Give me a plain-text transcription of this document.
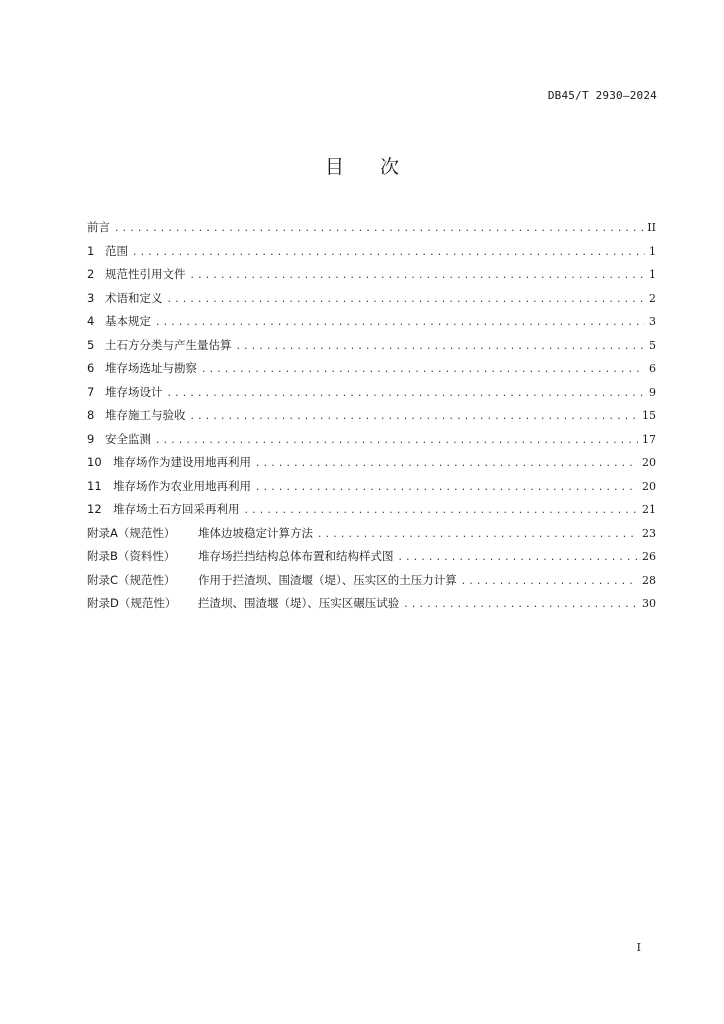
DB45/T 2930—2024
目 次
前言 .....	II
1 范围 .....	1
2 规范性引用文件 .....	1
3 术语和定义 .....	2
4 基本规定 .....	3
5 土石方分类与产生量估算 .....	5
6 堆存场选址与勘察 .....	6
7 堆存场设计 .....	9
8 堆存施工与验收 .....	15
9 安全监测 .....	17
10 堆存场作为建设用地再利用 .....	20
11 堆存场作为农业用地再利用 .....	20
12 堆存场土石方回采再利用 .....	21
附录A（规范性） 堆体边坡稳定计算方法 .....	23
附录B（资料性） 堆存场拦挡结构总体布置和结构样式图 .....	26
附录C（规范性） 作用于拦渣坝、围渣堰（堤）、压实区的土压力计算 .....	28
附录D（规范性） 拦渣坝、围渣堰（堤）、压实区碾压试验 .....	30
I
